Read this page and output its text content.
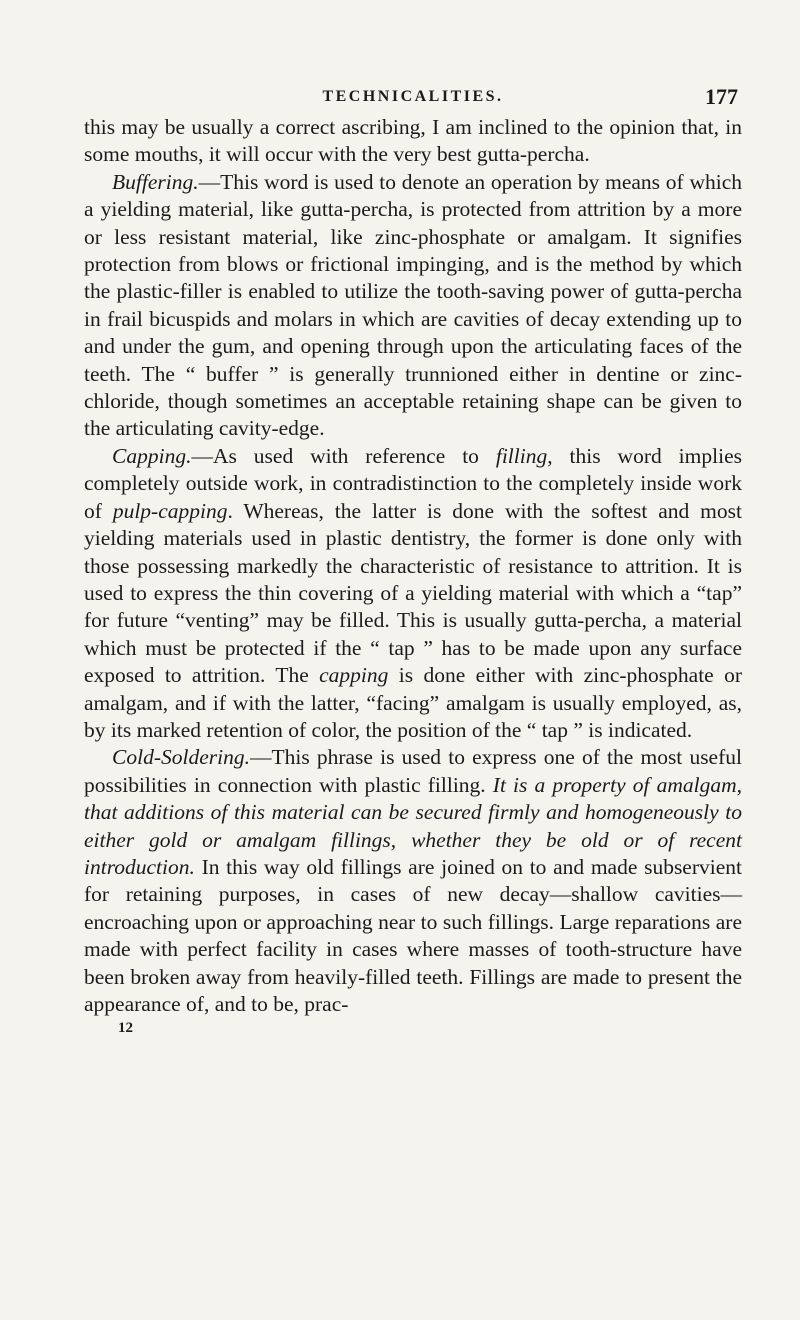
TECHNICALITIES.	177

this may be usually a correct ascribing, I am inclined to the opinion that, in some mouths, it will occur with the very best gutta-percha.

Buffering.—This word is used to denote an operation by means of which a yielding material, like gutta-percha, is protected from attrition by a more or less resistant material, like zinc-phosphate or amalgam. It signifies protection from blows or frictional impinging, and is the method by which the plastic-filler is enabled to utilize the tooth-saving power of gutta-percha in frail bicuspids and molars in which are cavities of decay extending up to and under the gum, and opening through upon the articulating faces of the teeth. The “ buffer ” is generally trunnioned either in dentine or zinc-chloride, though sometimes an acceptable retaining shape can be given to the articulating cavity-edge.

Capping.—As used with reference to filling, this word implies completely outside work, in contradistinction to the completely inside work of pulp-capping. Whereas, the latter is done with the softest and most yielding materials used in plastic dentistry, the former is done only with those possessing markedly the characteristic of resistance to attrition. It is used to express the thin covering of a yielding material with which a “tap” for future “venting” may be filled. This is usually gutta-percha, a material which must be protected if the “ tap ” has to be made upon any surface exposed to attrition. The capping is done either with zinc-phosphate or amalgam, and if with the latter, “facing” amalgam is usually employed, as, by its marked retention of color, the position of the “ tap ” is indicated.

Cold-Soldering.—This phrase is used to express one of the most useful possibilities in connection with plastic filling. It is a property of amalgam, that additions of this material can be secured firmly and homogeneously to either gold or amalgam fillings, whether they be old or of recent introduction. In this way old fillings are joined on to and made subservient for retaining purposes, in cases of new decay—shallow cavities—encroaching upon or approaching near to such fillings. Large reparations are made with perfect facility in cases where masses of tooth-structure have been broken away from heavily-filled teeth. Fillings are made to present the appearance of, and to be, prac-

12
